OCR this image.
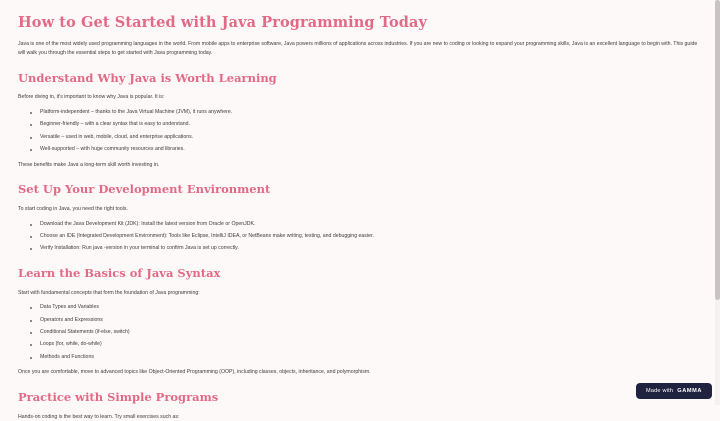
How to Get Started with Java Programming Today

Java is one of the most widely used programming languages in the world. From mobile apps to enterprise software, Java powers millions of applications across industries. If you are new to coding or looking to expand your programming skills, Java is an excellent language to begin with. This guide will walk you through the essential steps to get started with Java programming today.

Understand Why Java is Worth Learning

Before diving in, it's important to know why Java is popular. It is:

Platform-independent – thanks to the Java Virtual Machine (JVM), it runs anywhere.
Beginner-friendly – with a clear syntax that is easy to understand.
Versatile – used in web, mobile, cloud, and enterprise applications.
Well-supported – with huge community resources and libraries.

These benefits make Java a long-term skill worth investing in.

Set Up Your Development Environment

To start coding in Java, you need the right tools.

Download the Java Development Kit (JDK): Install the latest version from Oracle or OpenJDK.
Choose an IDE (Integrated Development Environment): Tools like Eclipse, IntelliJ IDEA, or NetBeans make writing, testing, and debugging easier.
Verify Installation: Run java -version in your terminal to confirm Java is set up correctly.
Learn the Basics of Java Syntax

Start with fundamental concepts that form the foundation of Java programming:

Data Types and Variables
Operators and Expressions
Conditional Statements (if-else, switch)
Loops (for, while, do-while)
Methods and Functions

Once you are comfortable, move to advanced topics like Object-Oriented Programming (OOP), including classes, objects, inheritance, and polymorphism.

Practice with Simple Programs

Hands-on coding is the best way to learn. Try small exercises such as:

Made with GAMMA
